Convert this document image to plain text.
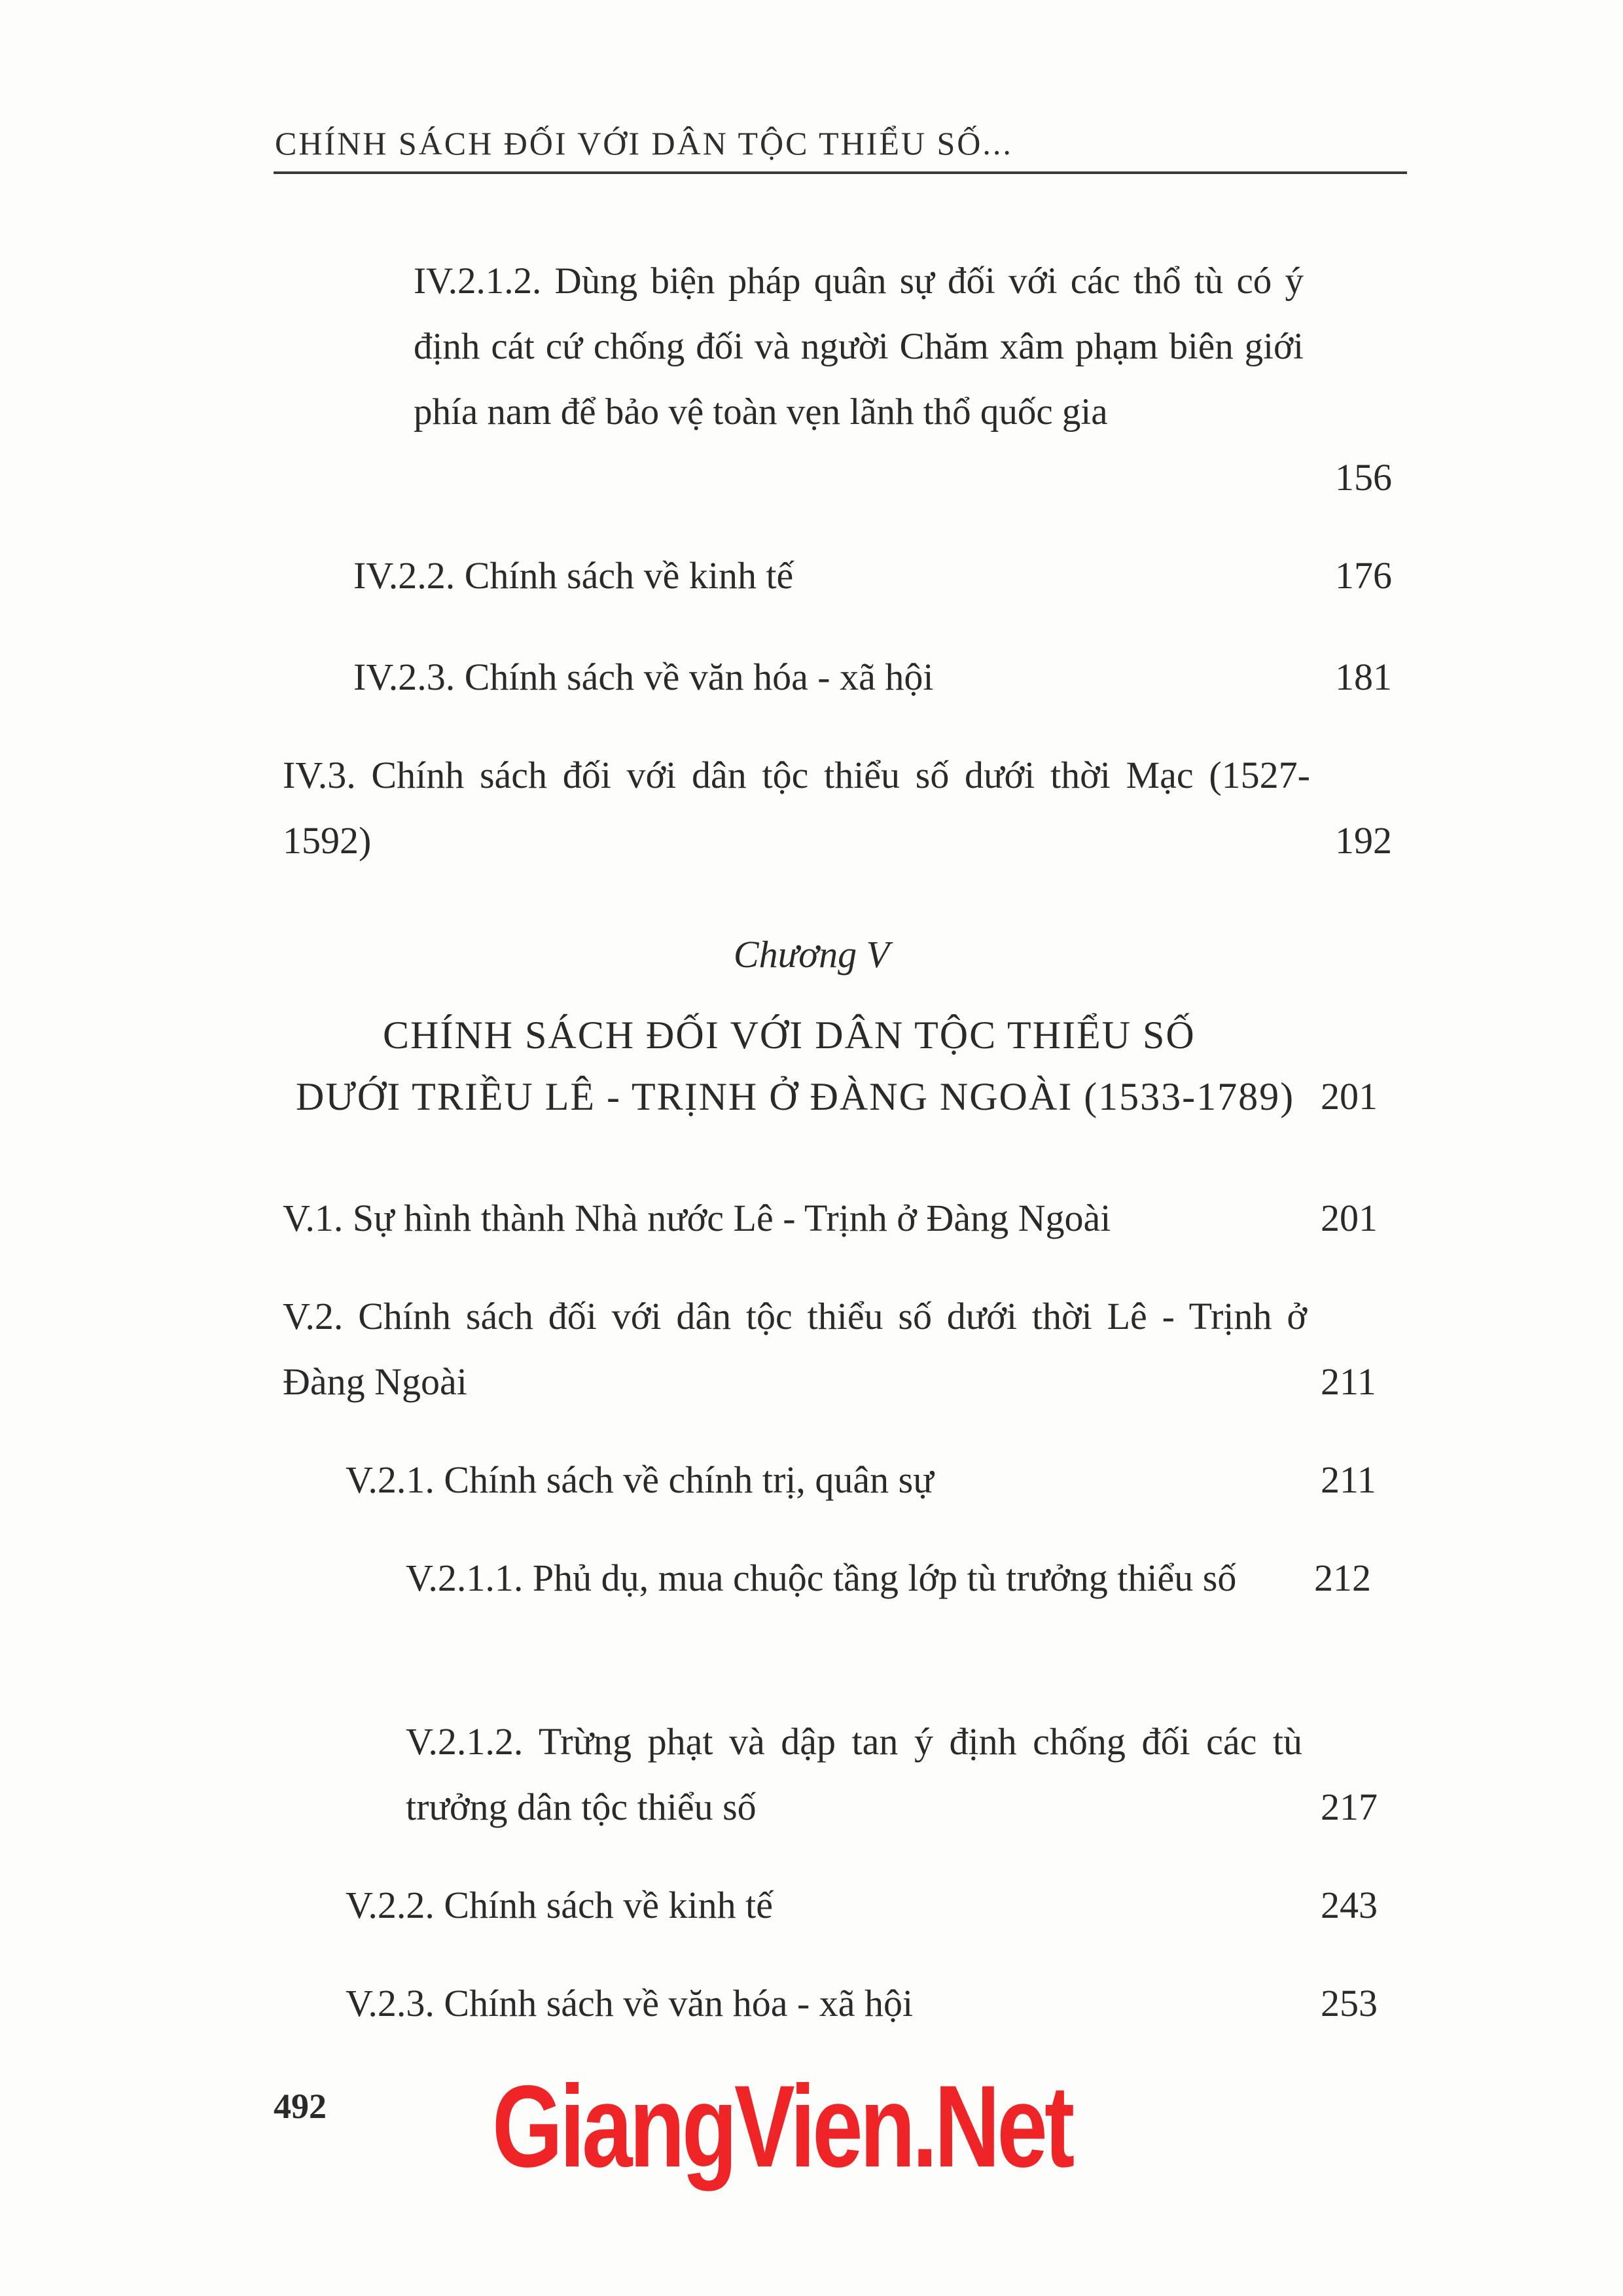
CHÍNH SÁCH ĐỐI VỚI DÂN TỘC THIỂU SỐ...
IV.2.1.2. Dùng biện pháp quân sự đối với các thổ tù có ý định cát cứ chống đối và người Chăm xâm phạm biên giới phía nam để bảo vệ toàn vẹn lãnh thổ quốc gia
156
IV.2.2. Chính sách về kinh tế	176
IV.2.3. Chính sách về văn hóa - xã hội	181
IV.3. Chính sách đối với dân tộc thiểu số dưới thời Mạc (1527-1592)	192
Chương V
CHÍNH SÁCH ĐỐI VỚI DÂN TỘC THIỂU SỐ
DƯỚI TRIỀU LÊ - TRỊNH Ở ĐÀNG NGOÀI (1533-1789) 201
V.1. Sự hình thành Nhà nước Lê - Trịnh ở Đàng Ngoài	201
V.2. Chính sách đối với dân tộc thiểu số dưới thời Lê - Trịnh ở Đàng Ngoài	211
V.2.1. Chính sách về chính trị, quân sự	211
V.2.1.1. Phủ dụ, mua chuộc tầng lớp tù trưởng thiểu số	212
V.2.1.2. Trừng phạt và dập tan ý định chống đối các tù trưởng dân tộc thiểu số	217
V.2.2. Chính sách về kinh tế	243
V.2.3. Chính sách về văn hóa - xã hội	253
492 GiangVien.Net
